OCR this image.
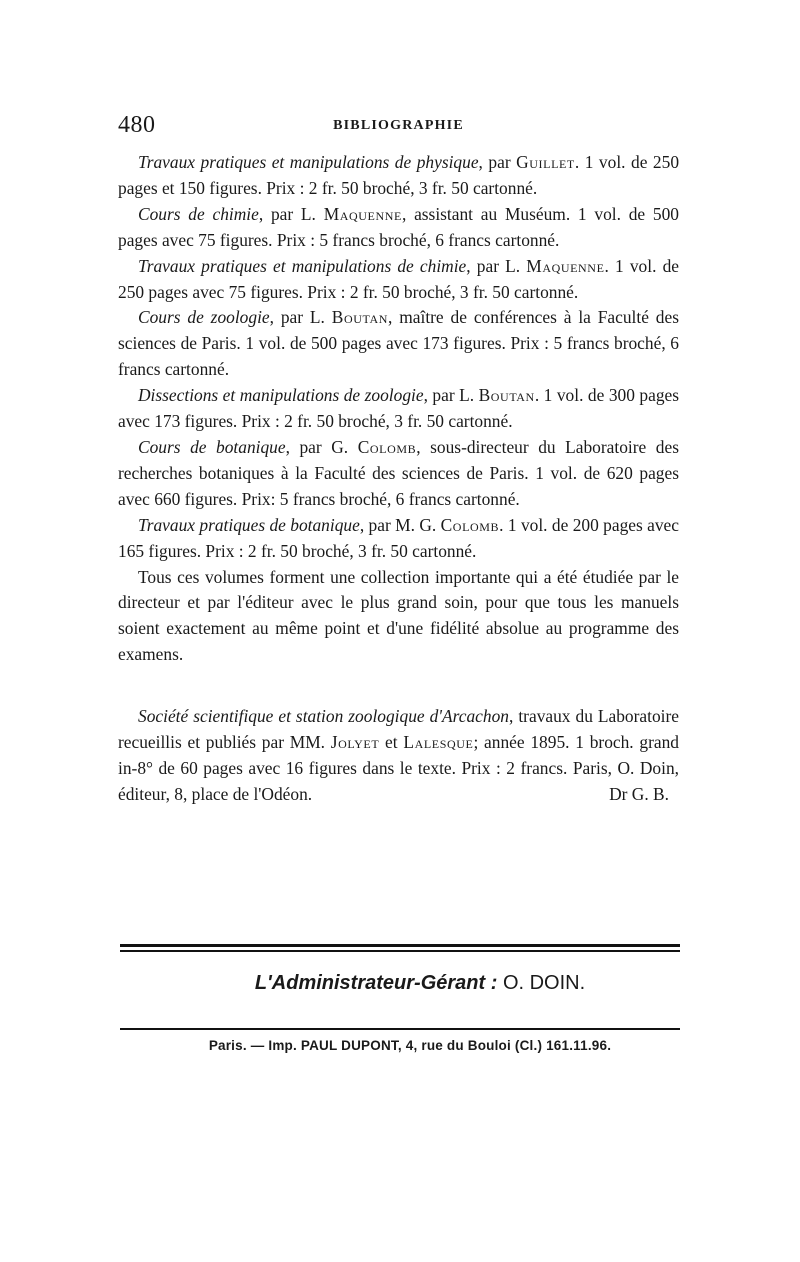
480	BIBLIOGRAPHIE

Travaux pratiques et manipulations de physique, par Guillet. 1 vol. de 250 pages et 150 figures. Prix : 2 fr. 50 broché, 3 fr. 50 cartonné.

Cours de chimie, par L. Maquenne, assistant au Muséum. 1 vol. de 500 pages avec 75 figures. Prix : 5 francs broché, 6 francs cartonné.

Travaux pratiques et manipulations de chimie, par L. Maquenne. 1 vol. de 250 pages avec 75 figures. Prix : 2 fr. 50 broché, 3 fr. 50 cartonné.

Cours de zoologie, par L. Boutan, maître de conférences à la Faculté des sciences de Paris. 1 vol. de 500 pages avec 173 figures. Prix : 5 francs broché, 6 francs cartonné.

Dissections et manipulations de zoologie, par L. Boutan. 1 vol. de 300 pages avec 173 figures. Prix : 2 fr. 50 broché, 3 fr. 50 cartonné.

Cours de botanique, par G. Colomb, sous-directeur du Laboratoire des recherches botaniques à la Faculté des sciences de Paris. 1 vol. de 620 pages avec 660 figures. Prix: 5 francs broché, 6 francs cartonné.

Travaux pratiques de botanique, par M. G. Colomb. 1 vol. de 200 pages avec 165 figures. Prix : 2 fr. 50 broché, 3 fr. 50 cartonné.

Tous ces volumes forment une collection importante qui a été étudiée par le directeur et par l'éditeur avec le plus grand soin, pour que tous les manuels soient exactement au même point et d'une fidélité absolue au programme des examens.

Société scientifique et station zoologique d'Arcachon, travaux du Laboratoire recueillis et publiés par MM. Jolyet et Lalesque; année 1895. 1 broch. grand in-8° de 60 pages avec 16 figures dans le texte. Prix : 2 francs. Paris, O. Doin, éditeur, 8, place de l'Odéon.	Dr G. B.
L'Administrateur-Gérant : O. DOIN.
Paris. — Imp. PAUL DUPONT, 4, rue du Bouloi (Cl.) 161.11.96.
